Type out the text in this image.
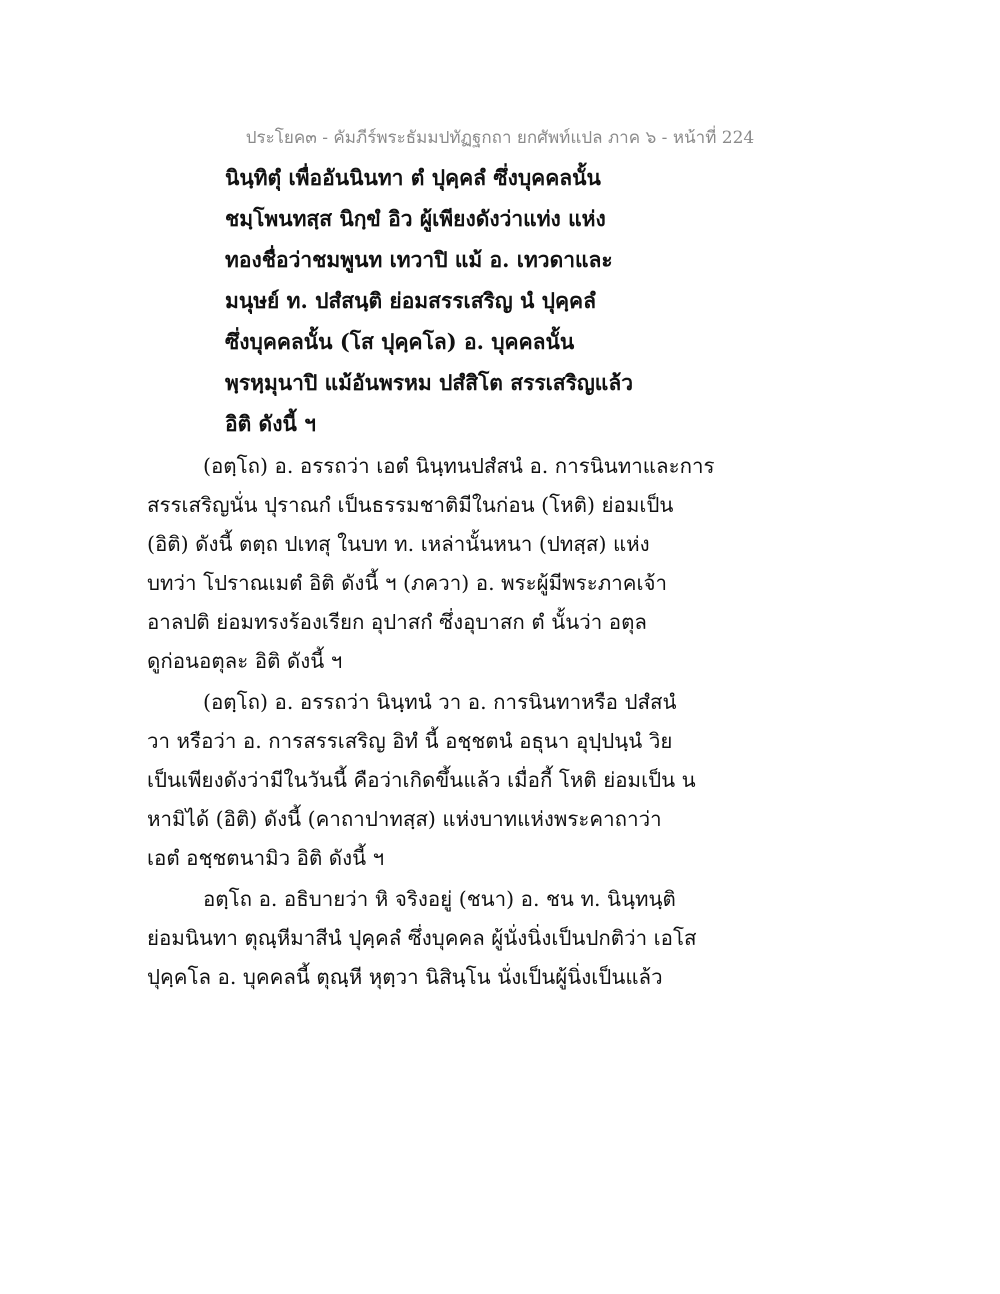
ประโยค๓ - คัมภีร์พระธัมมปทัฏฐกถา ยกศัพท์แปล ภาค ๖ - หน้าที่ 224
นินฺทิตุํ เพื่ออันนินทา ตํ ปุคฺคลํ ซึ่งบุคคลนั้น
ชมฺโพนทสฺส นิกฺขํ อิว ผู้เพียงดังว่าแท่ง แห่ง
ทองชื่อว่าชมพูนท เทวาปิ แม้ อ. เทวดาและ
มนุษย์ ท. ปสํสนฺติ ย่อมสรรเสริญ นํ ปุคฺคลํ
ซึ่งบุคคลนั้น (โส ปุคฺคโล) อ. บุคคลนั้น
พฺรหฺมุนาปิ แม้อันพรหม ปสํสิโต สรรเสริญแล้ว
อิติ ดังนี้ ฯ
(อตฺโถ) อ. อรรถว่า เอตํ นินฺทนปสํสนํ อ. การนินทาและการ
สรรเสริญนั่น ปุราณกํ เป็นธรรมชาติมีในก่อน (โหติ) ย่อมเป็น
(อิติ) ดังนี้ ตตฺถ ปเทสุ ในบท ท. เหล่านั้นหนา (ปทสฺส) แห่ง
บทว่า โปราณเมตํ อิติ ดังนี้ ฯ (ภควา) อ. พระผู้มีพระภาคเจ้า
อาลปติ ย่อมทรงร้องเรียก อุปาสกํ ซึ่งอุบาสก ตํ นั้นว่า อตุล
ดูก่อนอตุละ อิติ ดังนี้ ฯ
(อตฺโถ) อ. อรรถว่า นินฺทนํ วา อ. การนินทาหรือ ปสํสนํ
วา หรือว่า อ. การสรรเสริญ อิทํ นี้ อชฺชตนํ อธุนา อุปฺปนฺนํ วิย
เป็นเพียงดังว่ามีในวันนี้ คือว่าเกิดขึ้นแล้ว เมื่อกี้ โหติ ย่อมเป็น น
หามิได้ (อิติ) ดังนี้ (คาถาปาทสฺส) แห่งบาทแห่งพระคาถาว่า
เอตํ อชฺชตนามิว อิติ ดังนี้ ฯ
อตฺโถ อ. อธิบายว่า หิ จริงอยู่ (ชนา) อ. ชน ท. นินฺทนฺติ
ย่อมนินทา ตุณฺหีมาสีนํ ปุคฺคลํ ซึ่งบุคคล ผู้นั่งนิ่งเป็นปกติว่า เอโส
ปุคฺคโล อ. บุคคลนี้ ตุณฺหี หุตฺวา นิสินฺโน นั่งเป็นผู้นิ่งเป็นแล้ว
